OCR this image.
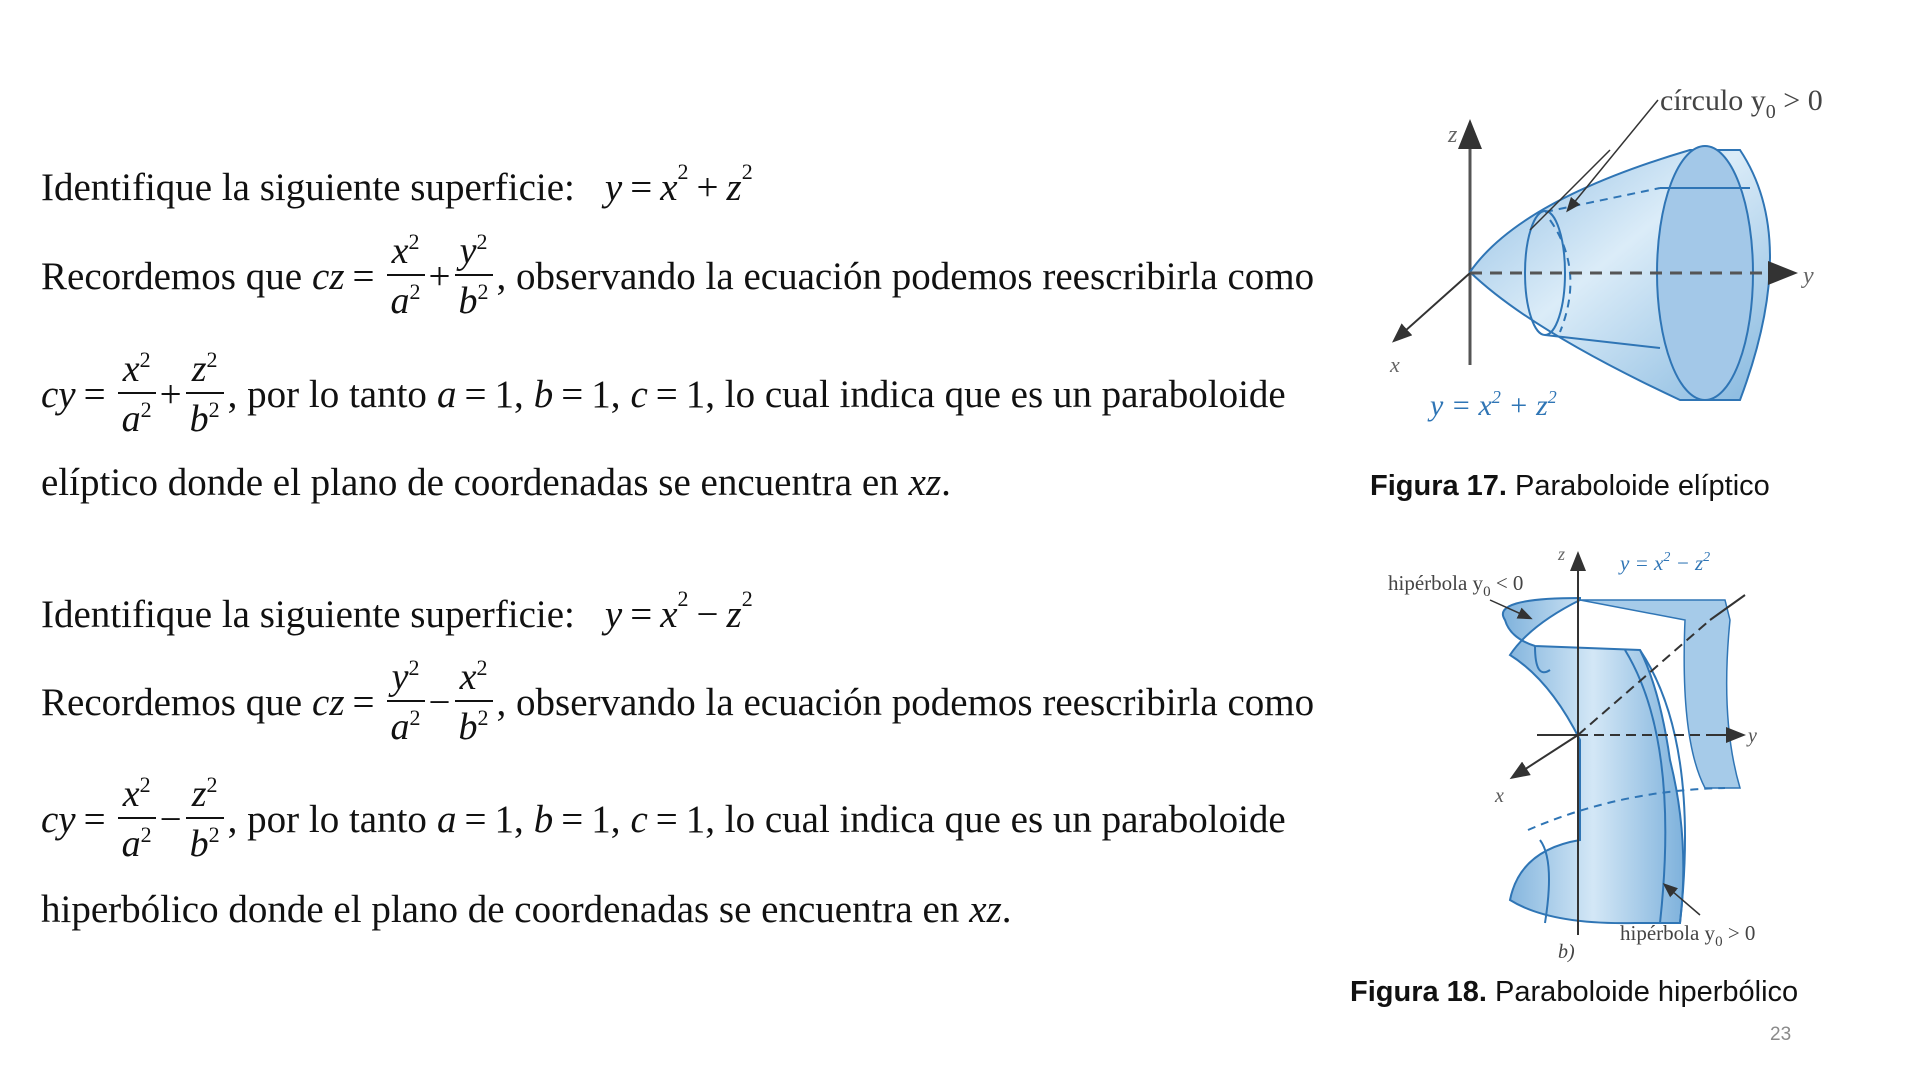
Identifique la siguiente superficie: $y = x^2 + z^2$
Recordemos que cz = $\frac{x^2}{a^2} + \frac{y^2}{b^2}$ , observando la ecuación podemos reescribirla como
cy = $\frac{x^2}{a^2} + \frac{z^2}{b^2}$ , por lo tanto a = 1 , b = 1 , c = 1 , lo cual indica que es un paraboloide
elíptico donde el plano de coordenadas se encuentra en xz .
Identifique la siguiente superficie: $y = x^2 - z^2$
Recordemos que cz = $\frac{y^2}{a^2} - \frac{x^2}{b^2}$ , observando la ecuación podemos reescribirla como
cy = $\frac{x^2}{a^2} - \frac{z^2}{b^2}$ , por lo tanto a = 1 , b = 1 , c = 1 , lo cual indica que es un paraboloide
hiperbólico donde el plano de coordenadas se encuentra en xz .
z
y
x
círculo $y_0 > 0$
$y = x^2 + z^2$
Figura 17. Paraboloide elíptico
z
y
x
hipérbola $y_0 < 0$
$y = x^2 - z^2$
hipérbola $y_0 > 0$
b)
Figura 18. Paraboloide hiperbólico
23
